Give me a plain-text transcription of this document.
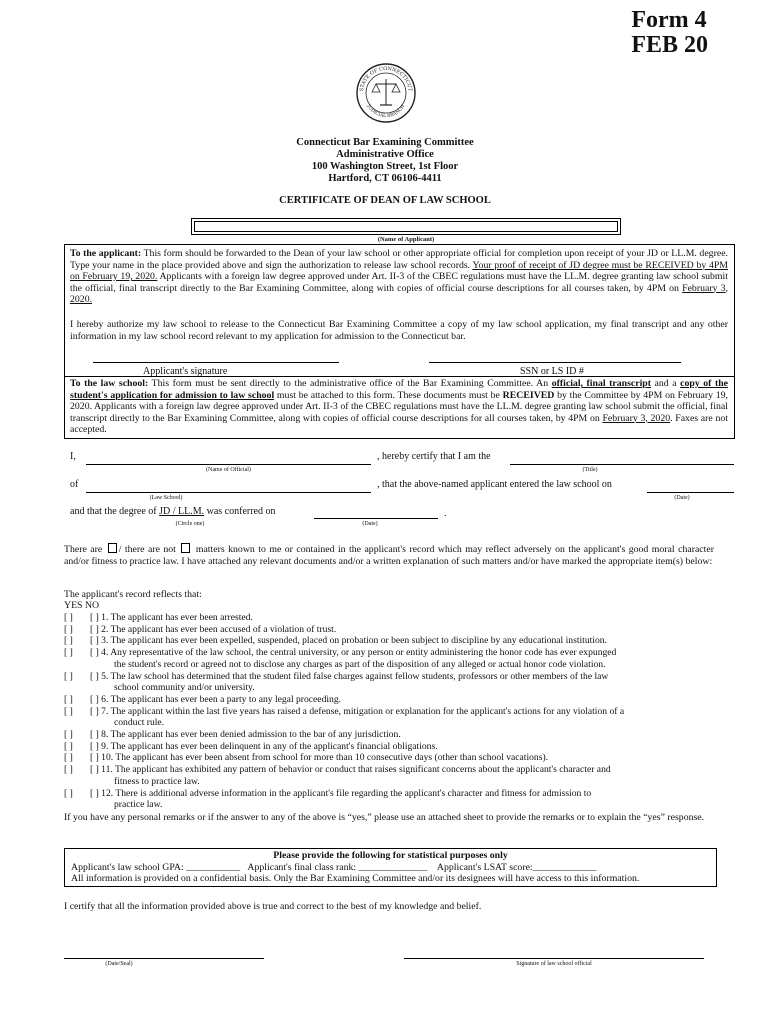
Form 4
FEB 20
STATE OF CONNECTICUT
JUDICIAL BRANCH
Connecticut Bar Examining Committee
Administrative Office
100 Washington Street, 1st Floor
Hartford, CT 06106-4411
CERTIFICATE OF DEAN OF LAW SCHOOL
(Name of Applicant)
To the applicant: This form should be forwarded to the Dean of your law school or other appropriate official for completion upon receipt of your JD or LL.M. degree. Type your name in the place provided above and sign the authorization to release law school records. Your proof of receipt of JD degree must be RECEIVED by 4PM on February 19, 2020. Applicants with a foreign law degree approved under Art. II-3 of the CBEC regulations must have the LL.M. degree granting law school submit the official, final transcript directly to the Bar Examining Committee, along with copies of official course descriptions for all courses taken, by 4PM on February 3, 2020.
I hereby authorize my law school to release to the Connecticut Bar Examining Committee a copy of my law school application, my final transcript and any other information in my law school record relevant to my application for admission to the Connecticut bar.
Applicant's signature	SSN or LS ID #
To the law school: This form must be sent directly to the administrative office of the Bar Examining Committee. An official, final transcript and a copy of the student's application for admission to law school must be attached to this form. These documents must be RECEIVED by the Committee by 4PM on February 19, 2020. Applicants with a foreign law degree approved under Art. II-3 of the CBEC regulations must have the LL.M. degree granting law school submit the official, final transcript directly to the Bar Examining Committee, along with copies of official course descriptions for all courses taken, by 4PM on February 3, 2020. Faxes are not accepted.
I,	, hereby certify that I am the
(Name of Official)	(Title)
of	, that the above-named applicant entered the law school on
(Law School)	(Date)
and that the degree of JD / LL.M. was conferred on	.
(Circle one)	(Date)
There are / there are not  matters known to me or contained in the applicant's record which may reflect adversely on the applicant's good moral character and/or fitness to practice law. I have attached any relevant documents and/or a written explanation of such matters and/or have marked the appropriate item(s) below:
The applicant's record reflects that:
YES NO
[ ]	[ ] 1. The applicant has ever been arrested.
[ ]	[ ] 2. The applicant has ever been accused of a violation of trust.
[ ]	[ ] 3. The applicant has ever been expelled, suspended, placed on probation or been subject to discipline by any educational institution.
[ ]	[ ] 4. Any representative of the law school, the central university, or any person or entity administering the honor code has ever expunged
the student's record or agreed not to disclose any charges as part of the disposition of any alleged or actual honor code violation.
[ ]	[ ] 5. The law school has determined that the student filed false charges against fellow students, professors or other members of the law
school community and/or university.
[ ]	[ ] 6. The applicant has ever been a party to any legal proceeding.
[ ]	[ ] 7. The applicant within the last five years has raised a defense, mitigation or explanation for the applicant's actions for any violation of a
conduct rule.
[ ]	[ ] 8. The applicant has ever been denied admission to the bar of any jurisdiction.
[ ]	[ ] 9. The applicant has ever been delinquent in any of the applicant's financial obligations.
[ ]	[ ] 10. The applicant has ever been absent from school for more than 10 consecutive days (other than school vacations).
[ ]	[ ] 11. The applicant has exhibited any pattern of behavior or conduct that raises significant concerns about the applicant's character and
fitness to practice law.
[ ]	[ ] 12. There is additional adverse information in the applicant's file regarding the applicant's character and fitness for admission to
practice law.
If you have any personal remarks or if the answer to any of the above is “yes,” please use an attached sheet to provide the remarks or to explain the “yes” response.
Please provide the following for statistical purposes only
Applicant's law school GPA: ___________ Applicant's final class rank: ______________ Applicant's LSAT score:_____________
All information is provided on a confidential basis. Only the Bar Examining Committee and/or its designees will have access to this information.
I certify that all the information provided above is true and correct to the best of my knowledge and belief.
(Date/Seal)	Signature of law school official
